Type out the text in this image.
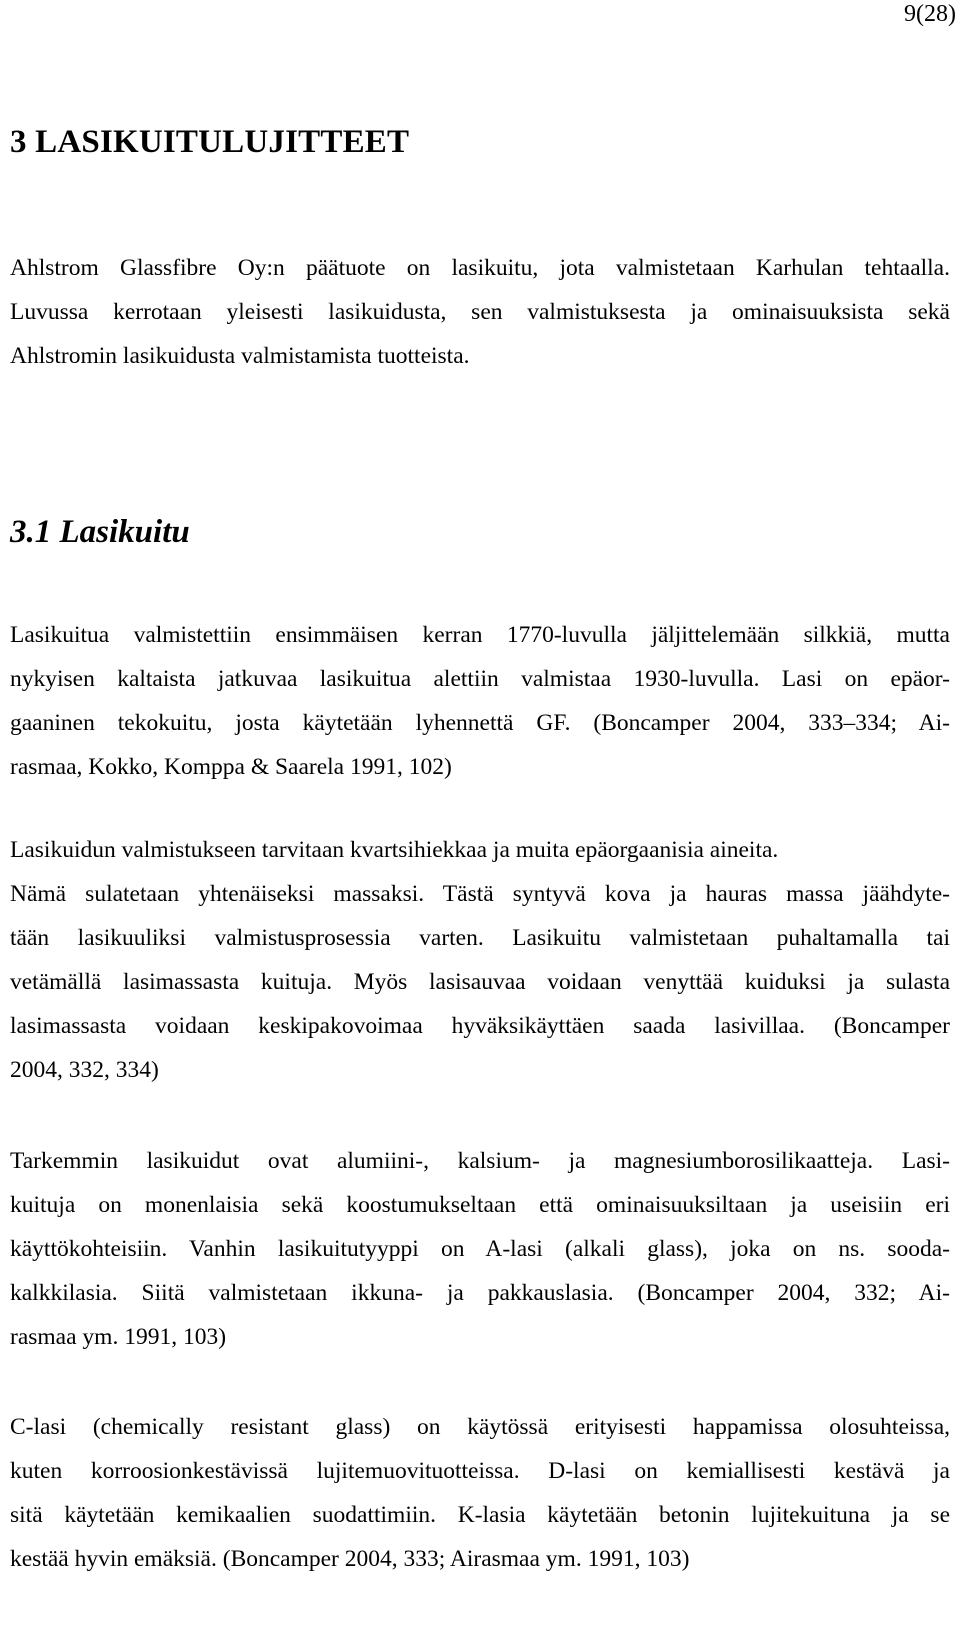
9(28)
3 LASIKUITULUJITTEET
Ahlstrom Glassfibre Oy:n päätuote on lasikuitu, jota valmistetaan Karhulan tehtaalla.
Luvussa kerrotaan yleisesti lasikuidusta, sen valmistuksesta ja ominaisuuksista sekä
Ahlstromin lasikuidusta valmistamista tuotteista.
3.1 Lasikuitu
Lasikuitua valmistettiin ensimmäisen kerran 1770-luvulla jäljittelemään silkkiä, mutta
nykyisen kaltaista jatkuvaa lasikuitua alettiin valmistaa 1930-luvulla. Lasi on epäor-
gaaninen tekokuitu, josta käytetään lyhennettä GF. (Boncamper 2004, 333–334; Ai-
rasmaa, Kokko, Komppa & Saarela 1991, 102)
Lasikuidun valmistukseen tarvitaan kvartsihiekkaa ja muita epäorgaanisia aineita.
Nämä sulatetaan yhtenäiseksi massaksi. Tästä syntyvä kova ja hauras massa jäähdyte-
tään lasikuuliksi valmistusprosessia varten. Lasikuitu valmistetaan puhaltamalla tai
vetämällä lasimassasta kuituja. Myös lasisauvaa voidaan venyttää kuiduksi ja sulasta
lasimassasta voidaan keskipakovoimaa hyväksikäyttäen saada lasivillaa. (Boncamper
2004, 332, 334)
Tarkemmin lasikuidut ovat alumiini-, kalsium- ja magnesiumborosilikaatteja. Lasi-
kuituja on monenlaisia sekä koostumukseltaan että ominaisuuksiltaan ja useisiin eri
käyttökohteisiin. Vanhin lasikuitutyyppi on A-lasi (alkali glass), joka on ns. sooda-
kalkkilasia. Siitä valmistetaan ikkuna- ja pakkauslasia. (Boncamper 2004, 332; Ai-
rasmaa ym. 1991, 103)
C-lasi (chemically resistant glass) on käytössä erityisesti happamissa olosuhteissa,
kuten korroosionkestävissä lujitemuovituotteissa. D-lasi on kemiallisesti kestävä ja
sitä käytetään kemikaalien suodattimiin. K-lasia käytetään betonin lujitekuituna ja se
kestää hyvin emäksiä. (Boncamper 2004, 333; Airasmaa ym. 1991, 103)
